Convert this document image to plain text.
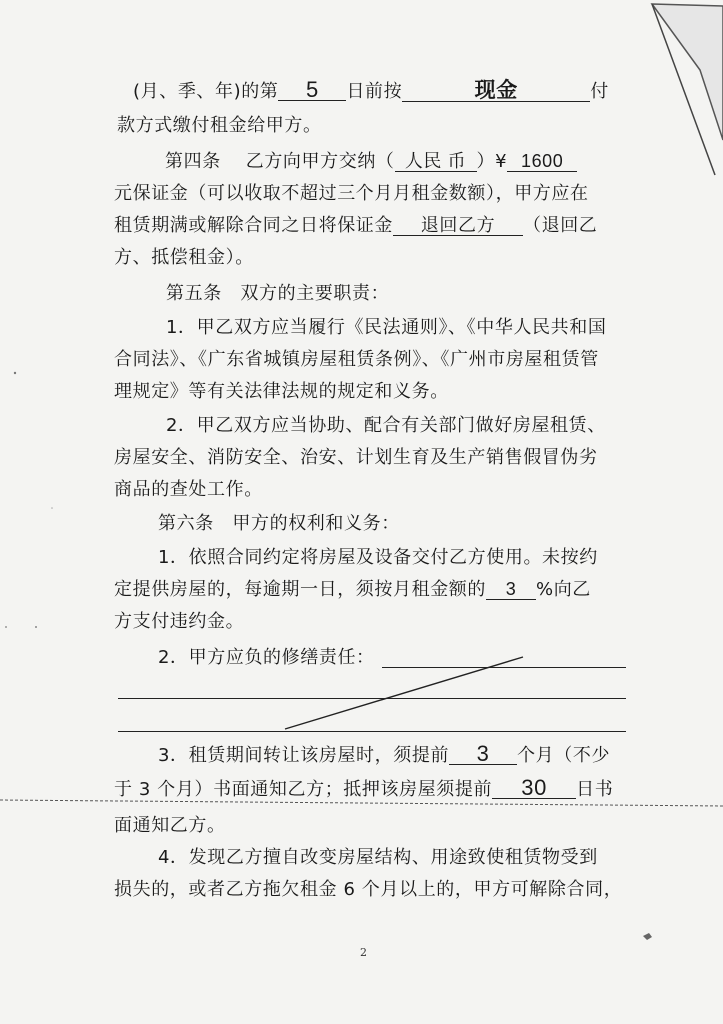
(月、季、年)的第 5 日前按	现金	付
款方式缴付租金给甲方。
第四条　 乙方向甲方交纳（ 人民 币 ）¥ 1600
元保证金（可以收取不超过三个月月租金数额），甲方应在
租赁期满或解除合同之日将保证金 退回乙方 （退回乙
方、抵偿租金）。
第五条　双方的主要职责：
1．甲乙双方应当履行《民法通则》、《中华人民共和国
合同法》、《广东省城镇房屋租赁条例》、《广州市房屋租赁管
理规定》等有关法律法规的规定和义务。
2．甲乙双方应当协助、配合有关部门做好房屋租赁、
房屋安全、消防安全、治安、计划生育及生产销售假冒伪劣
商品的查处工作。
第六条　甲方的权利和义务：
1．依照合同约定将房屋及设备交付乙方使用。未按约
定提供房屋的，每逾期一日，须按月租金额的 3 %向乙
方支付违约金。
2．甲方应负的修缮责任：
3．租赁期间转让该房屋时，须提前 3 个月（不少
于 3 个月）书面通知乙方；抵押该房屋须提前 30 日书
面通知乙方。
4．发现乙方擅自改变房屋结构、用途致使租赁物受到
损失的，或者乙方拖欠租金 6 个月以上的，甲方可解除合同，
2
